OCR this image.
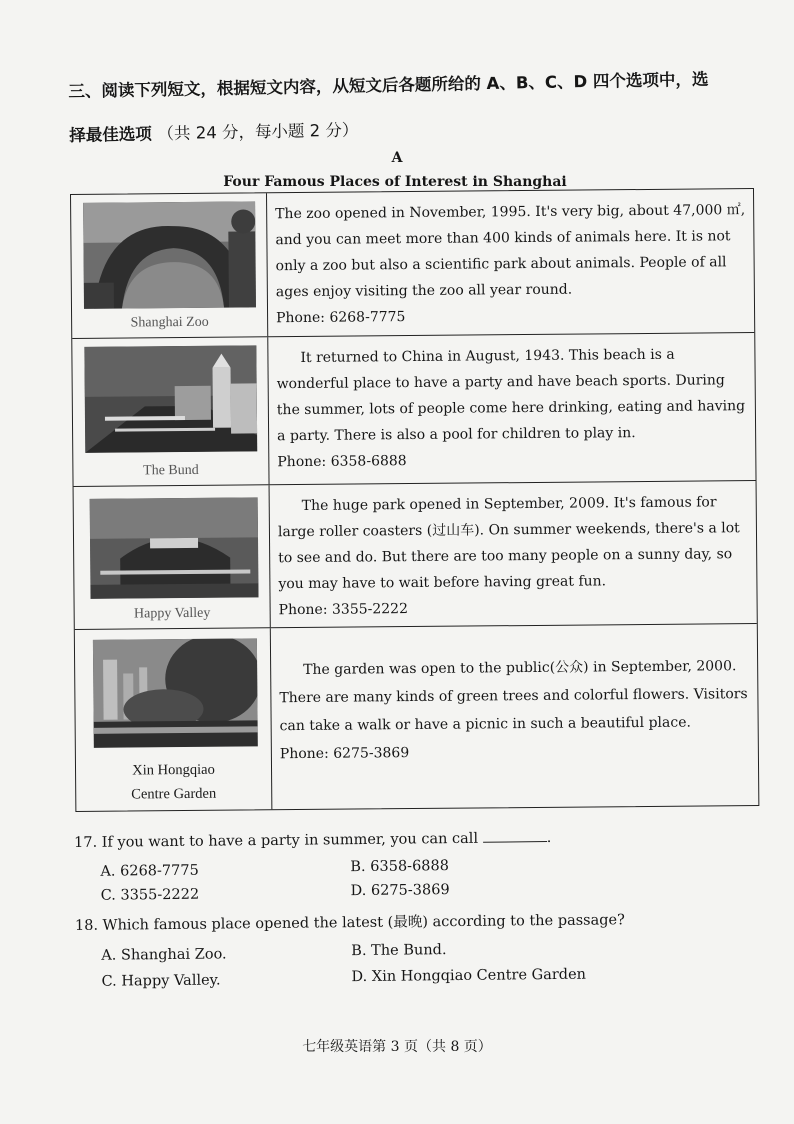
三、阅读下列短文，根据短文内容，从短文后各题所给的 A、B、C、D 四个选项中，选
择最佳选项 （共 24 分，每小题 2 分）
A
Four Famous Places of Interest in Shanghai
Shanghai Zoo

The zoo opened in November, 1995. It's very big, about 47,000 ㎡, and you can meet more than 400 kinds of animals here. It is not only a zoo but also a scientific park about animals. People of all ages enjoy visiting the zoo all year round.

Phone: 6268-7775

The Bund

It returned to China in August, 1943. This beach is a wonderful place to have a party and have beach sports. During the summer, lots of people come here drinking, eating and having a party. There is also a pool for children to play in.

Phone: 6358-6888

Happy Valley

The huge park opened in September, 2009. It's famous for large roller coasters (过山车). On summer weekends, there's a lot to see and do. But there are too many people on a sunny day, so you may have to wait before having great fun.

Phone: 3355-2222

Xin Hongqiao
Centre Garden

The garden was open to the public(公众) in September, 2000. There are many kinds of green trees and colorful flowers. Visitors can take a walk or have a picnic in such a beautiful place.

Phone: 6275-3869

17. If you want to have a party in summer, you can call	.
A. 6268-7775	B. 6358-6888
C. 3355-2222	D. 6275-3869
18. Which famous place opened the latest (最晚) according to the passage?
A. Shanghai Zoo.	B. The Bund.
C. Happy Valley.	D. Xin Hongqiao Centre Garden
七年级英语第 3 页（共 8 页）
